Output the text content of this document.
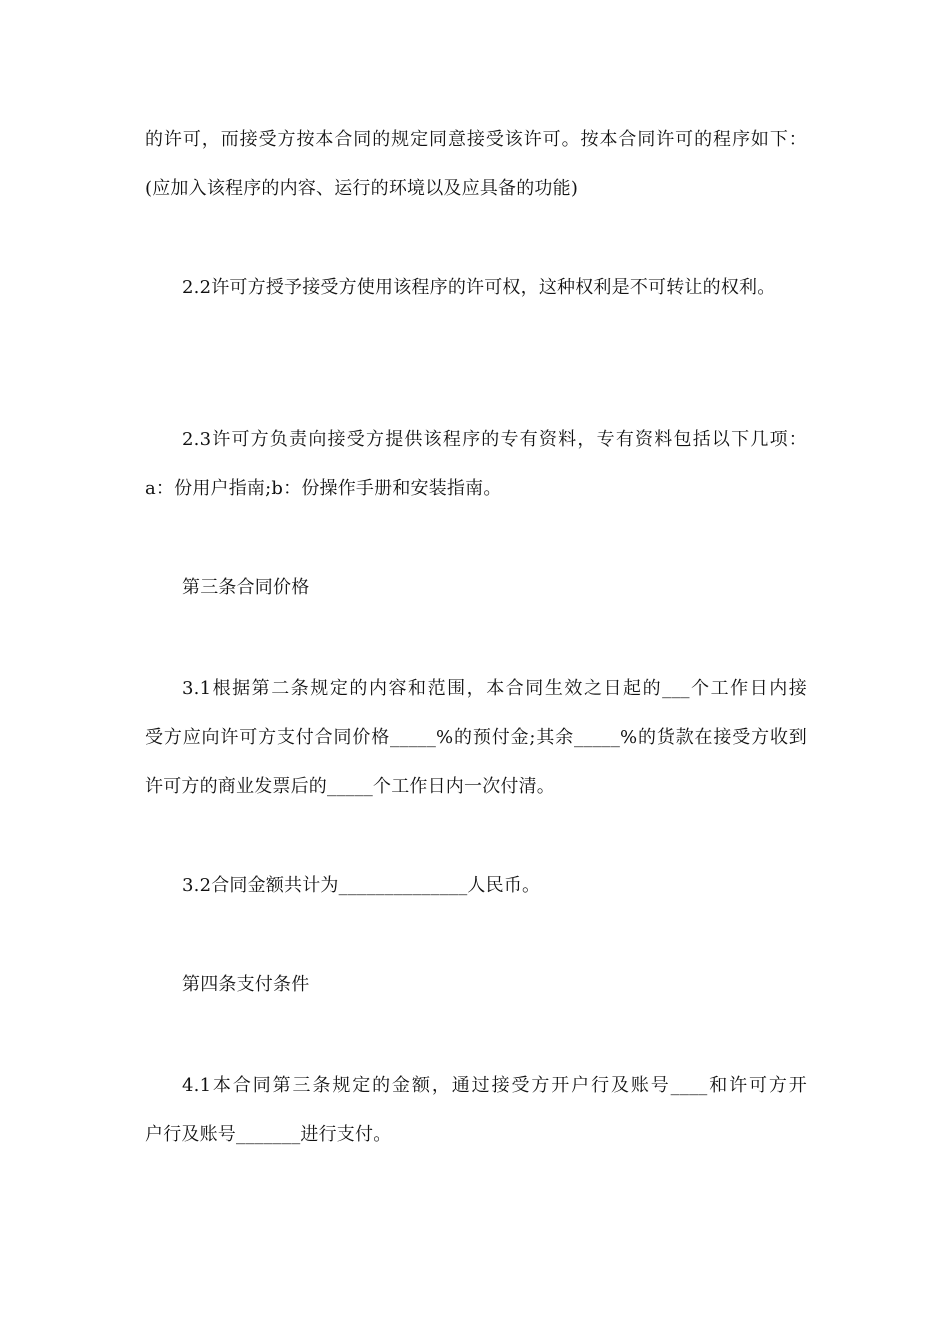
的许可，而接受方按本合同的规定同意接受该许可。按本合同许可的程序如下：
(应加入该程序的内容、运行的环境以及应具备的功能)
2.2许可方授予接受方使用该程序的许可权，这种权利是不可转让的权利。
2.3许可方负责向接受方提供该程序的专有资料，专有资料包括以下几项：
a：份用户指南;b：份操作手册和安装指南。
第三条合同价格
3.1根据第二条规定的内容和范围，本合同生效之日起的___个工作日内接
受方应向许可方支付合同价格_____%的预付金;其余_____%的货款在接受方收到
许可方的商业发票后的_____个工作日内一次付清。
3.2合同金额共计为______________人民币。
第四条支付条件
4.1本合同第三条规定的金额，通过接受方开户行及账号____和许可方开
户行及账号_______进行支付。
